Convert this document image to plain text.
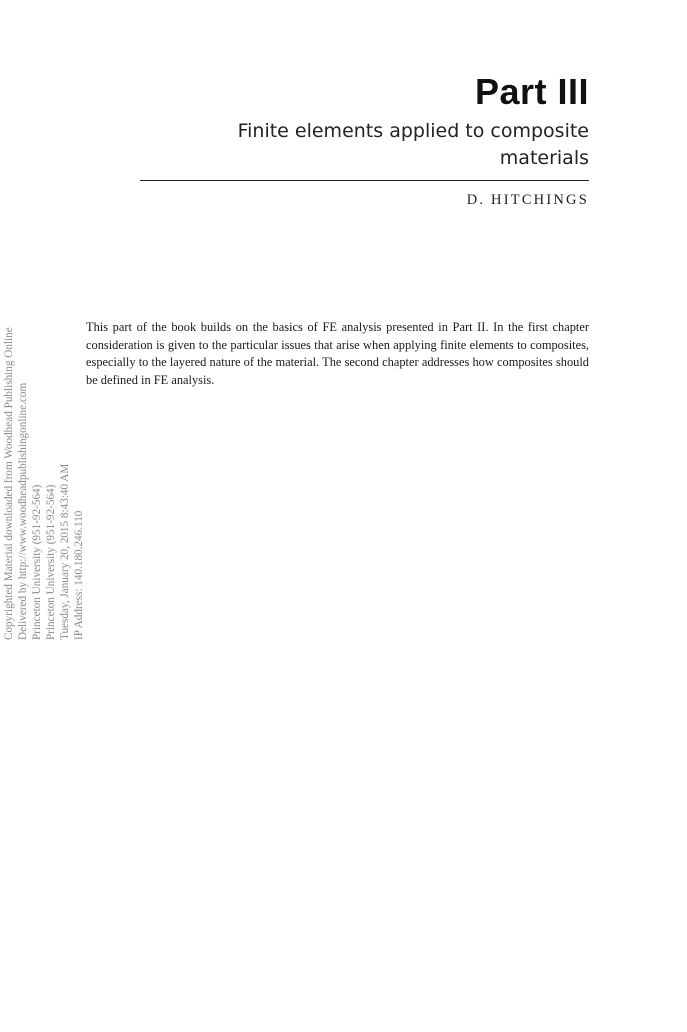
Part III
Finite elements applied to composite materials
D. HITCHINGS

This part of the book builds on the basics of FE analysis presented in Part II. In the first chapter consideration is given to the particular issues that arise when applying finite elements to composites, especially to the layered nature of the material. The second chapter addresses how composites should be defined in FE analysis.

Copyrighted Material downloaded from Woodhead Publishing Online Delivered by http://www.woodheadpublishingonline.com Princeton University (951-92-564) Princeton University (951-92-564) Tuesday, January 20, 2015 8:43:40 AM IP Address: 140.180.246.110
